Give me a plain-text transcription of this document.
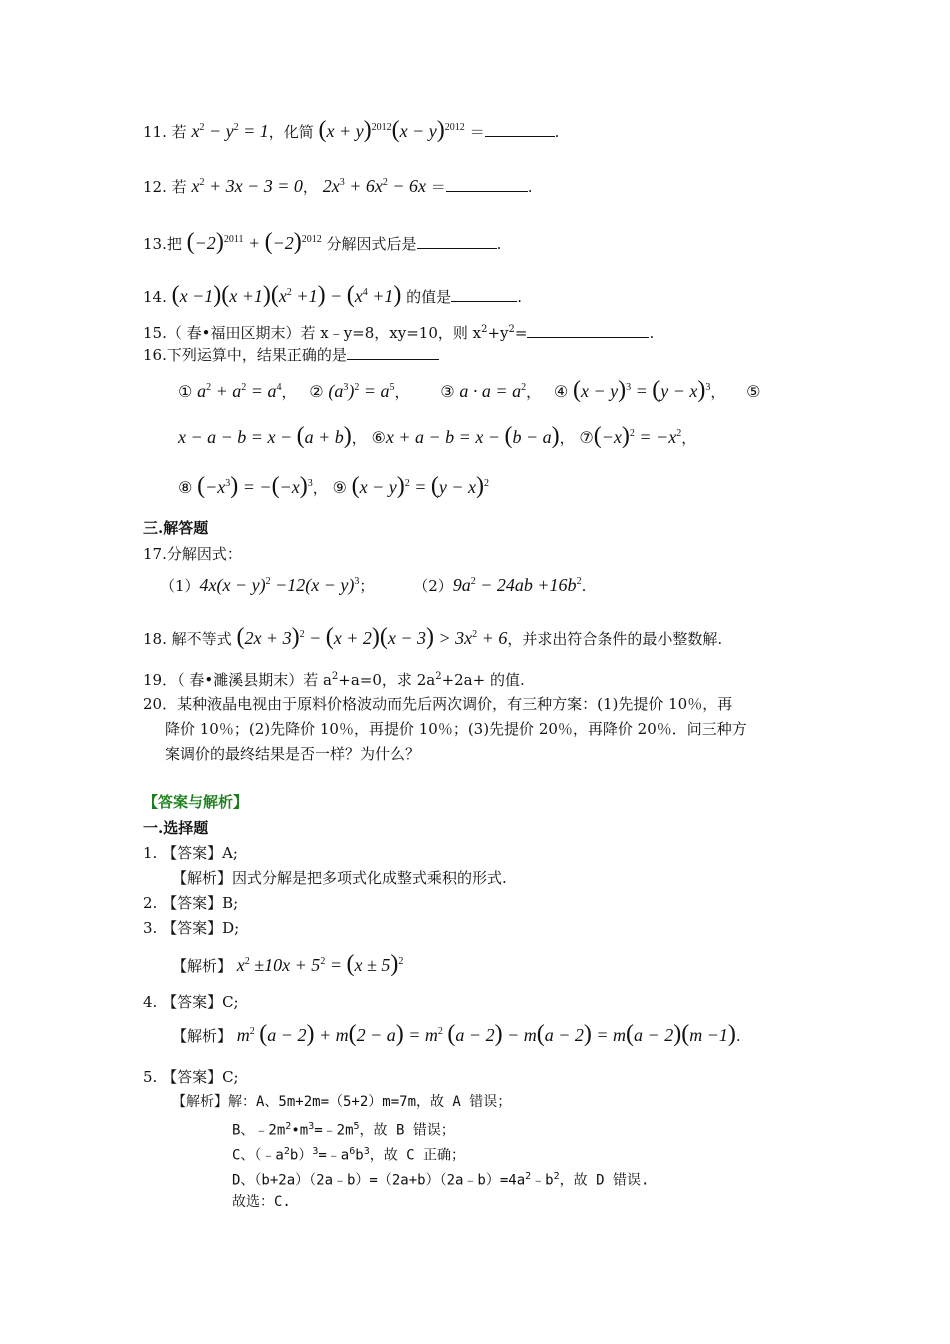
11. 若 $x^2 - y^2 = 1$，化简 $(x + y)^{2012}(x - y)^{2012}$ ＝	.
12. 若 $x^2 + 3x - 3 = 0$， $2x^3 + 6x^2 - 6x$ ＝	.
13.把 $(-2)^{2011} + (-2)^{2012}$ 分解因式后是	.
14. $(x -1)(x +1)(x^2 +1) - (x^4 +1)$ 的值是	.
15.（ 春•福田区期末）若 x﹣y=8，xy=10，则 $x^2+y^2=$	.
16.下列运算中，结果正确的是
① $a^2 + a^2 = a^4$， ② $(a^3)^2 = a^5$， ③ $a \cdot a = a^2$， ④ $(x - y)^3 = (y - x)^3$， ⑤
x − a − b = x − (a + b)， ⑥x + a − b = x − (b − a)， $⑦(-x)^2 = -x^2$，
⑧ $(-x^3) = -(-x)^3$， ⑨ $(x - y)^2 = (y - x)^2$
三.解答题
17.分解因式：
$(1)4x(x - y)^2 -12(x - y)^3$；	$(2)9a^2 - 24ab +16b^2$.
18. 解不等式 $(2x + 3)^2 - (x + 2)(x - 3) > 3x^2 + 6$，并求出符合条件的最小整数解.
19．（ 春•濉溪县期末）若 $a^2+a=0$，求 $2a^2+2a+$ 的值.
20．某种液晶电视由于原料价格波动而先后两次调价，有三种方案：(1)先提价 10％，再
降价 10％；(2)先降价 10％，再提价 10％；(3)先提价 20％，再降价 20％．问三种方
案调价的最终结果是否一样？为什么？
【答案与解析】
一.选择题
1. 【答案】A;
【解析】因式分解是把多项式化成整式乘积的形式.
2. 【答案】B;
3. 【答案】D;
【解析】 $x^2 \pm 10x + 5^2 = (x \pm 5)^2$
4. 【答案】C;
【解析】 $m^2$ $(a - 2) + m(2 - a) = m^2$ (a − 2) − m(a − 2) = m(a − 2)(m −1).
5. 【答案】C;
【解析】解：A、5m+2m=（5+2）m=7m，故 A 错误；
B、$﹣2m^2•m^3=﹣2m^5$，故 B 错误；
C、$(﹣a^2b)^3=﹣a^6b^3$，故 C 正确；
D、$(b+2a)(2a﹣b)=(2a+b)(2a﹣b)=4a^2﹣b^2$，故 D 错误.
故选：C.
